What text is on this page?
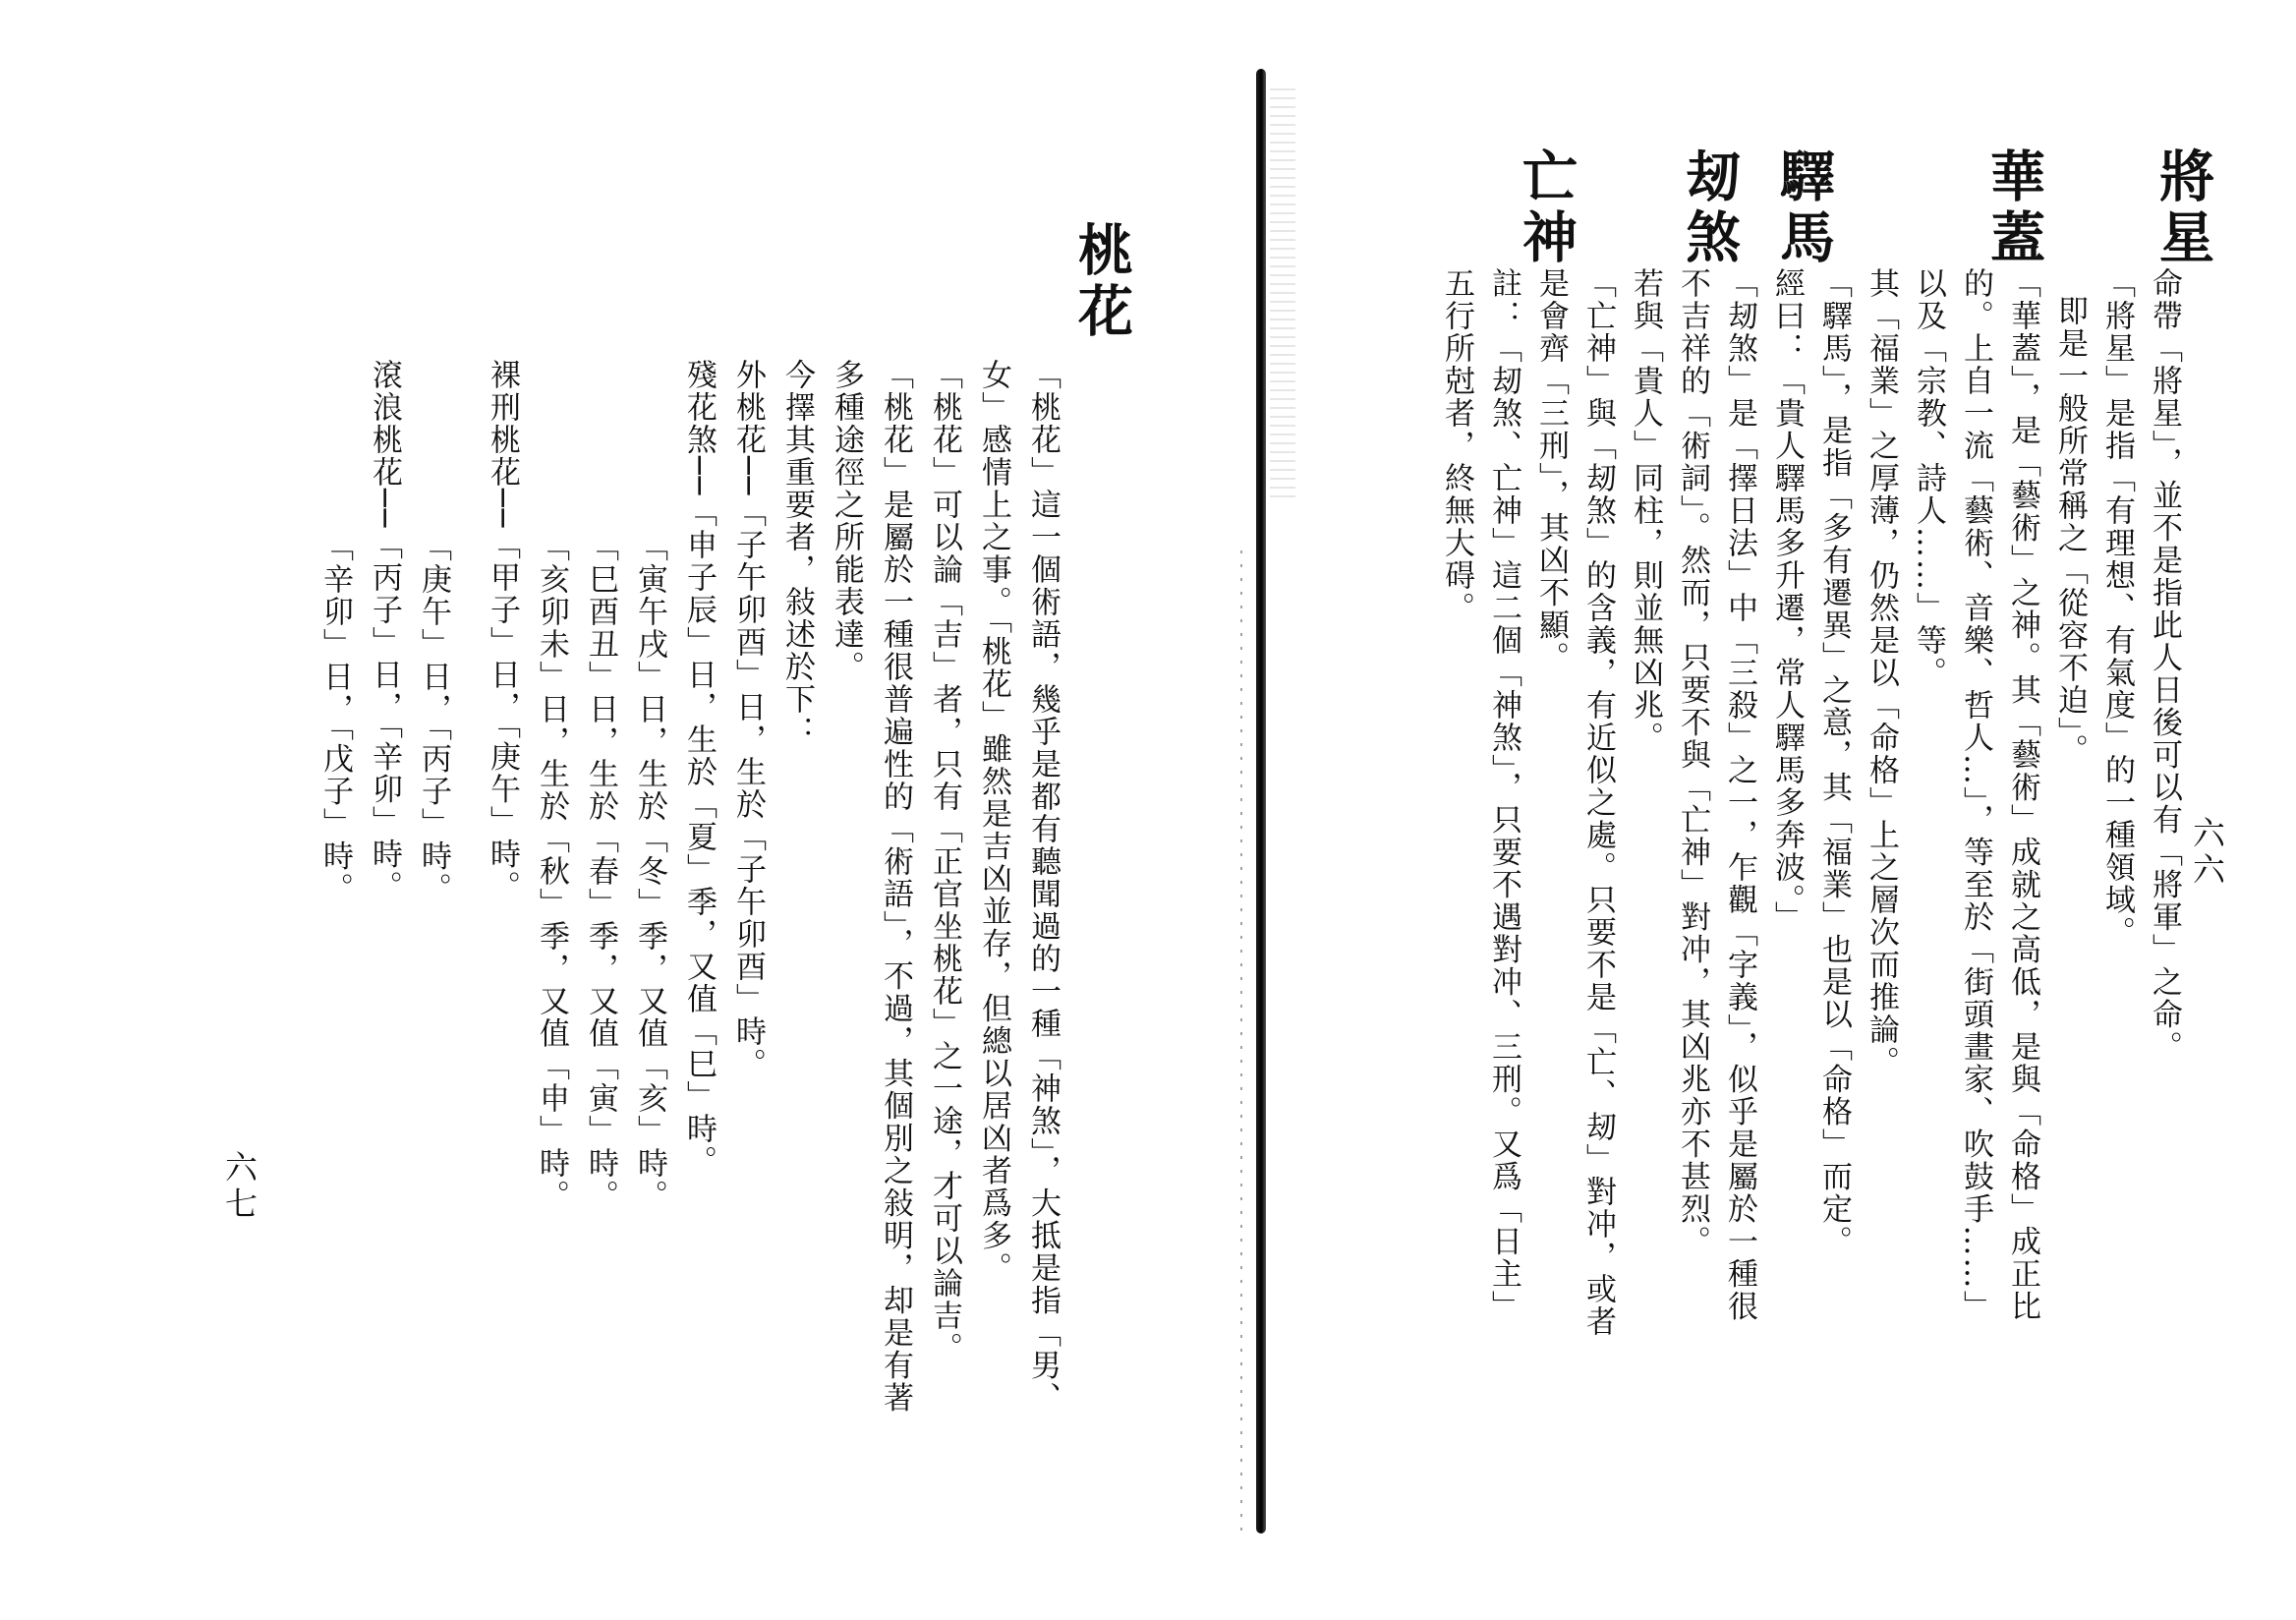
六六
將星
華蓋
驛馬
刼煞
亡神
命帶「將星」，並不是指此人日後可以有「將軍」之命。
「將星」是指「有理想、有氣度」的一種領域。
即是一般所常稱之「從容不迫」。
「華蓋」，是「藝術」之神。其「藝術」成就之高低，是與「命格」成正比
的。上自一流「藝術、音樂、哲人…」，等至於「街頭畫家、吹鼓手……」
以及「宗教、詩人……」等。
其「福業」之厚薄，仍然是以「命格」上之層次而推論。
「驛馬」，是指「多有遷異」之意，其「福業」也是以「命格」而定。
經曰：「貴人驛馬多升遷，常人驛馬多奔波。」
「刼煞」是「擇日法」中「三殺」之一，乍觀「字義」，似乎是屬於一種很
不吉祥的「術詞」。然而，只要不與「亡神」對冲，其凶兆亦不甚烈。
若與「貴人」同柱，則並無凶兆。
「亡神」與「刼煞」的含義，有近似之處。只要不是「亡、刼」對冲，或者
是會齊「三刑」，其凶不顯。
註：「刼煞、亡神」這二個「神煞」，只要不遇對冲、三刑。又爲「日主」
五行所尅者，終無大碍。
六七
桃花
「桃花」這一個術語，幾乎是都有聽聞過的一種「神煞」，大抵是指「男、
女」感情上之事。「桃花」雖然是吉凶並存，但總以居凶者爲多。
「桃花」可以論「吉」者，只有「正官坐桃花」之一途，才可以論吉。
「桃花」是屬於一種很普遍性的「術語」，不過，其個別之敍明，却是有著
多種途徑之所能表達。
今擇其重要者，敍述於下：
外桃花──「子午卯酉」日，生於「子午卯酉」時。
殘花煞──「申子辰」日，生於「夏」季，又值「巳」時。
「寅午戌」日，生於「冬」季，又值「亥」時。
「巳酉丑」日，生於「春」季，又值「寅」時。
「亥卯未」日，生於「秋」季，又值「申」時。
裸刑桃花──「甲子」日，「庚午」時。
「庚午」日，「丙子」時。
滾浪桃花──「丙子」日，「辛卯」時。
「辛卯」日，「戊子」時。
